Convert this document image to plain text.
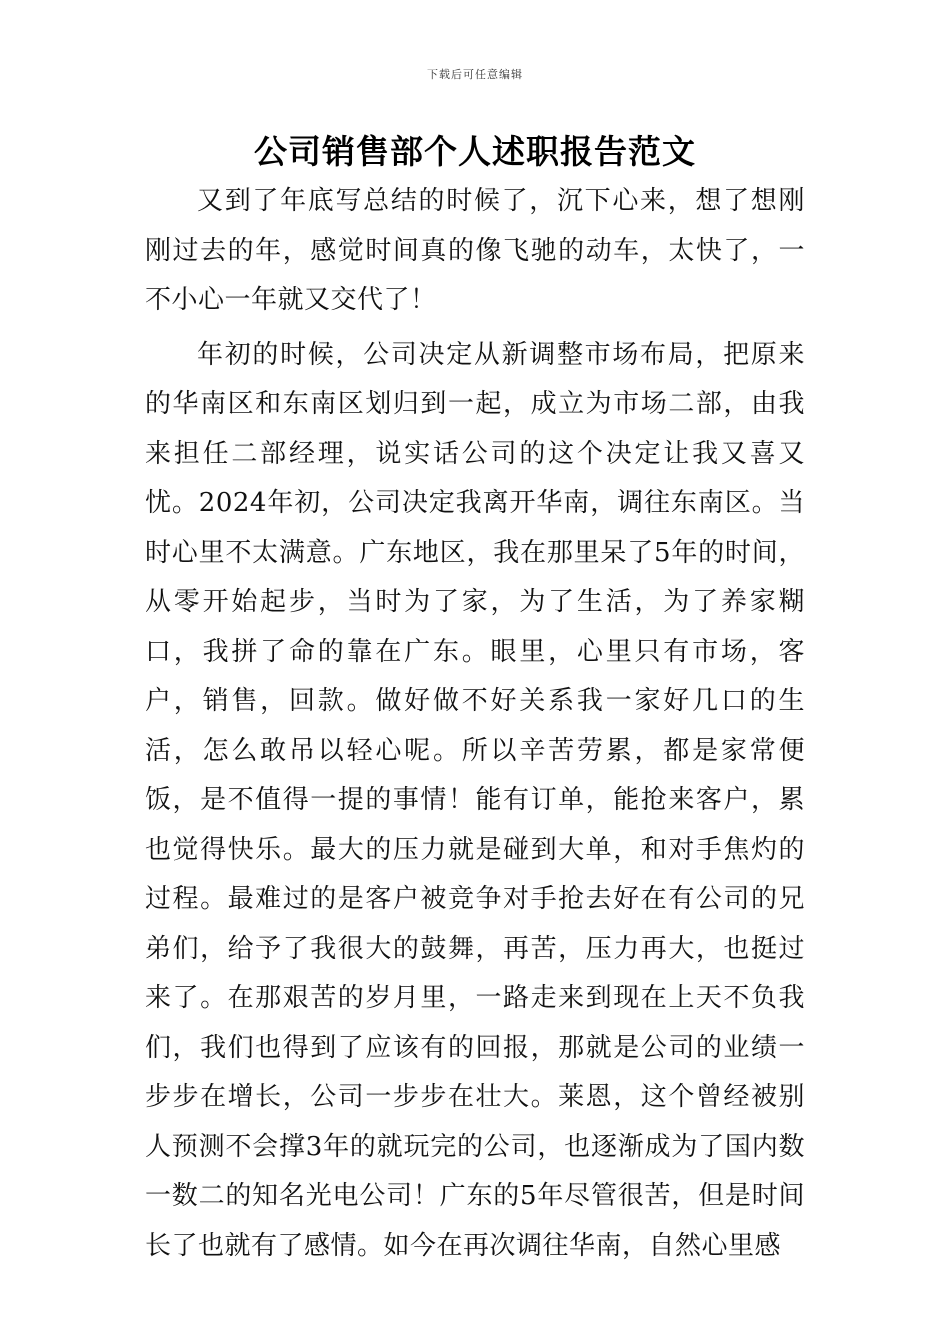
下载后可任意编辑
公司销售部个人述职报告范文

又到了年底写总结的时候了，沉下心来，想了想刚刚过去的年，感觉时间真的像飞驰的动车，太快了，一不小心一年就又交代了！

年初的时候，公司决定从新调整市场布局，把原来的华南区和东南区划归到一起，成立为市场二部，由我来担任二部经理，说实话公司的这个决定让我又喜又忧。2024年初，公司决定我离开华南，调往东南区。当时心里不太满意。广东地区，我在那里呆了5年的时间，从零开始起步，当时为了家，为了生活，为了养家糊口，我拼了命的靠在广东。眼里，心里只有市场，客户，销售，回款。做好做不好关系我一家好几口的生活，怎么敢吊以轻心呢。所以辛苦劳累，都是家常便饭，是不值得一提的事情！能有订单，能抢来客户，累也觉得快乐。最大的压力就是碰到大单，和对手焦灼的过程。最难过的是客户被竞争对手抢去好在有公司的兄弟们，给予了我很大的鼓舞，再苦，压力再大，也挺过来了。在那艰苦的岁月里，一路走来到现在上天不负我们，我们也得到了应该有的回报，那就是公司的业绩一步步在增长，公司一步步在壮大。莱恩，这个曾经被别人预测不会撑3年的就玩完的公司，也逐渐成为了国内数一数二的知名光电公司！广东的5年尽管很苦，但是时间长了也就有了感情。如今在再次调往华南，自然心里感
